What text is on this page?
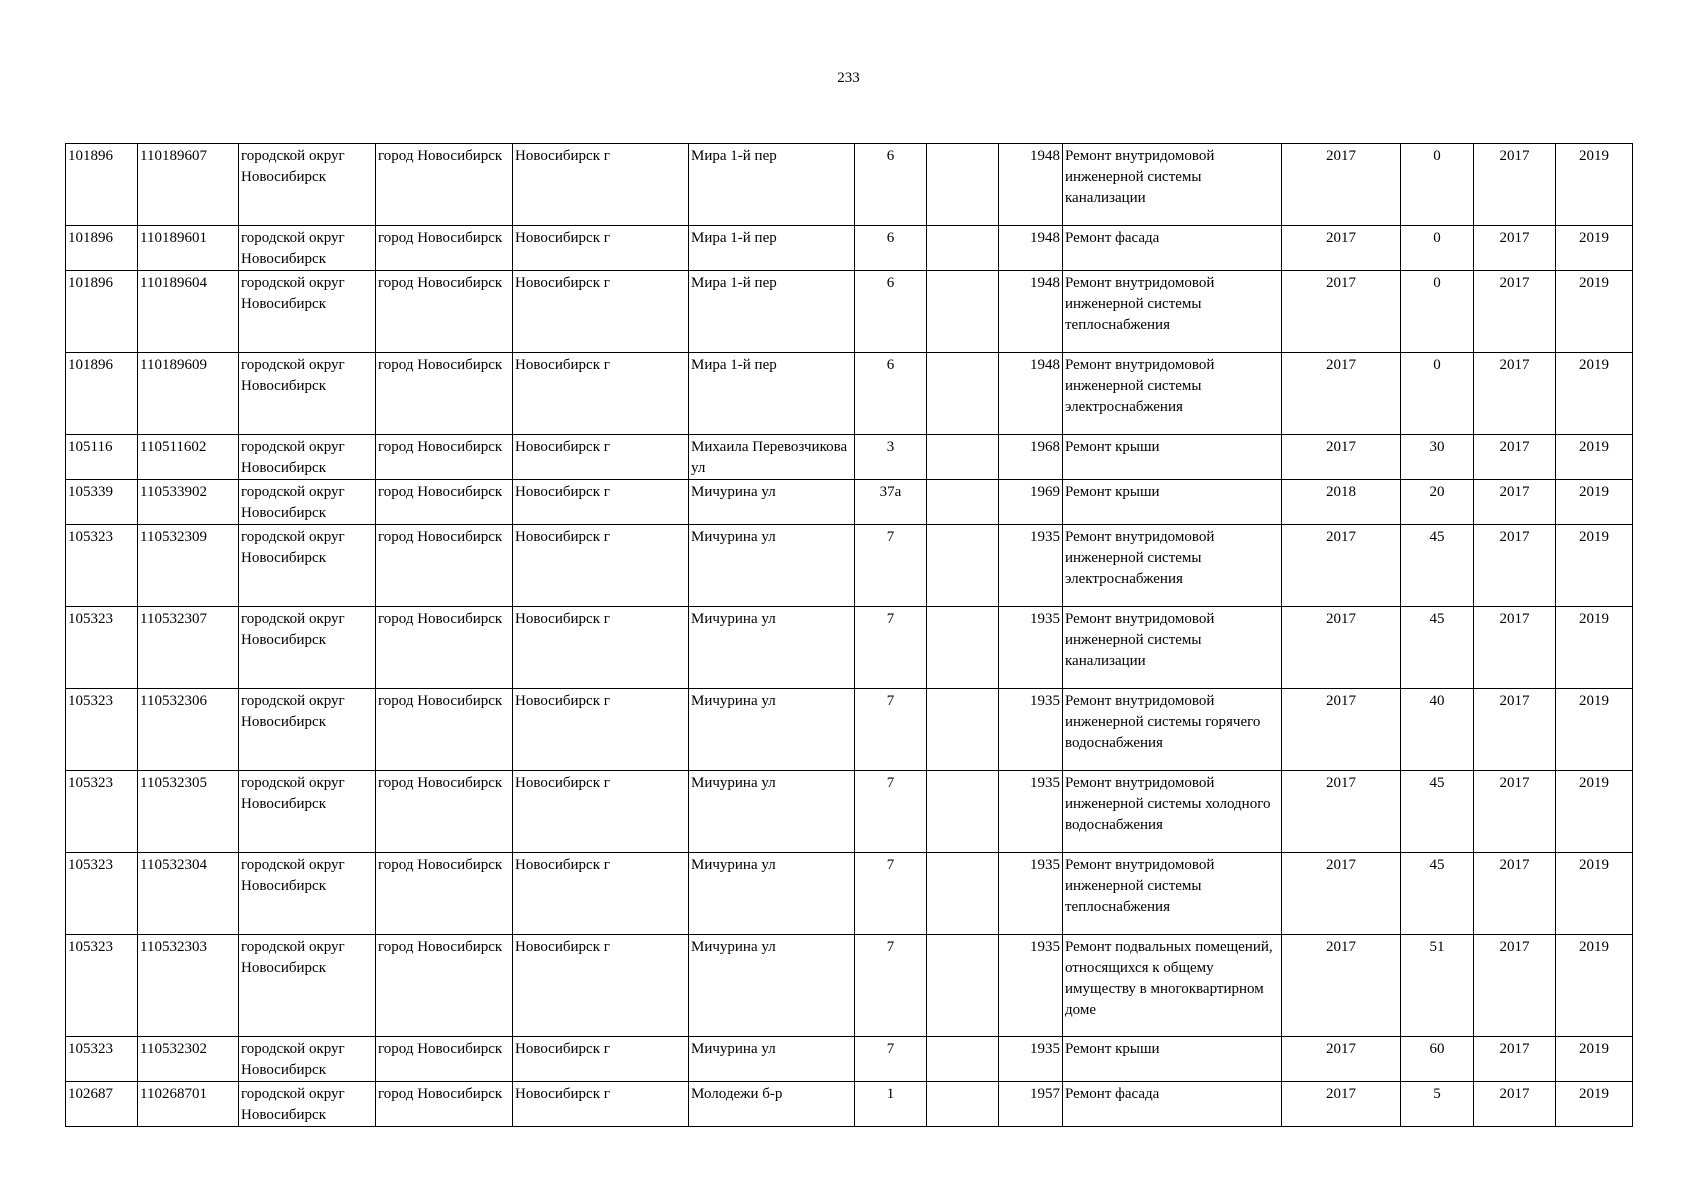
233
101896	110189607	городской округ Новосибирск	город Новосибирск	Новосибирск г	Мира 1-й пер	6		1948	Ремонт внутридомовой инженерной системы канализации	2017	0	2017	2019
101896	110189601	городской округ Новосибирск	город Новосибирск	Новосибирск г	Мира 1-й пер	6		1948	Ремонт фасада	2017	0	2017	2019
101896	110189604	городской округ Новосибирск	город Новосибирск	Новосибирск г	Мира 1-й пер	6		1948	Ремонт внутридомовой инженерной системы теплоснабжения	2017	0	2017	2019
101896	110189609	городской округ Новосибирск	город Новосибирск	Новосибирск г	Мира 1-й пер	6		1948	Ремонт внутридомовой инженерной системы электроснабжения	2017	0	2017	2019
105116	110511602	городской округ Новосибирск	город Новосибирск	Новосибирск г	Михаила Перевозчикова ул	3		1968	Ремонт крыши	2017	30	2017	2019
105339	110533902	городской округ Новосибирск	город Новосибирск	Новосибирск г	Мичурина ул	37а		1969	Ремонт крыши	2018	20	2017	2019
105323	110532309	городской округ Новосибирск	город Новосибирск	Новосибирск г	Мичурина ул	7		1935	Ремонт внутридомовой инженерной системы электроснабжения	2017	45	2017	2019
105323	110532307	городской округ Новосибирск	город Новосибирск	Новосибирск г	Мичурина ул	7		1935	Ремонт внутридомовой инженерной системы канализации	2017	45	2017	2019
105323	110532306	городской округ Новосибирск	город Новосибирск	Новосибирск г	Мичурина ул	7		1935	Ремонт внутридомовой инженерной системы горячего водоснабжения	2017	40	2017	2019
105323	110532305	городской округ Новосибирск	город Новосибирск	Новосибирск г	Мичурина ул	7		1935	Ремонт внутридомовой инженерной системы холодного водоснабжения	2017	45	2017	2019
105323	110532304	городской округ Новосибирск	город Новосибирск	Новосибирск г	Мичурина ул	7		1935	Ремонт внутридомовой инженерной системы теплоснабжения	2017	45	2017	2019
105323	110532303	городской округ Новосибирск	город Новосибирск	Новосибирск г	Мичурина ул	7		1935	Ремонт подвальных помещений, относящихся к общему имуществу в многоквартирном доме	2017	51	2017	2019
105323	110532302	городской округ Новосибирск	город Новосибирск	Новосибирск г	Мичурина ул	7		1935	Ремонт крыши	2017	60	2017	2019
102687	110268701	городской округ Новосибирск	город Новосибирск	Новосибирск г	Молодежи б-р	1		1957	Ремонт фасада	2017	5	2017	2019
